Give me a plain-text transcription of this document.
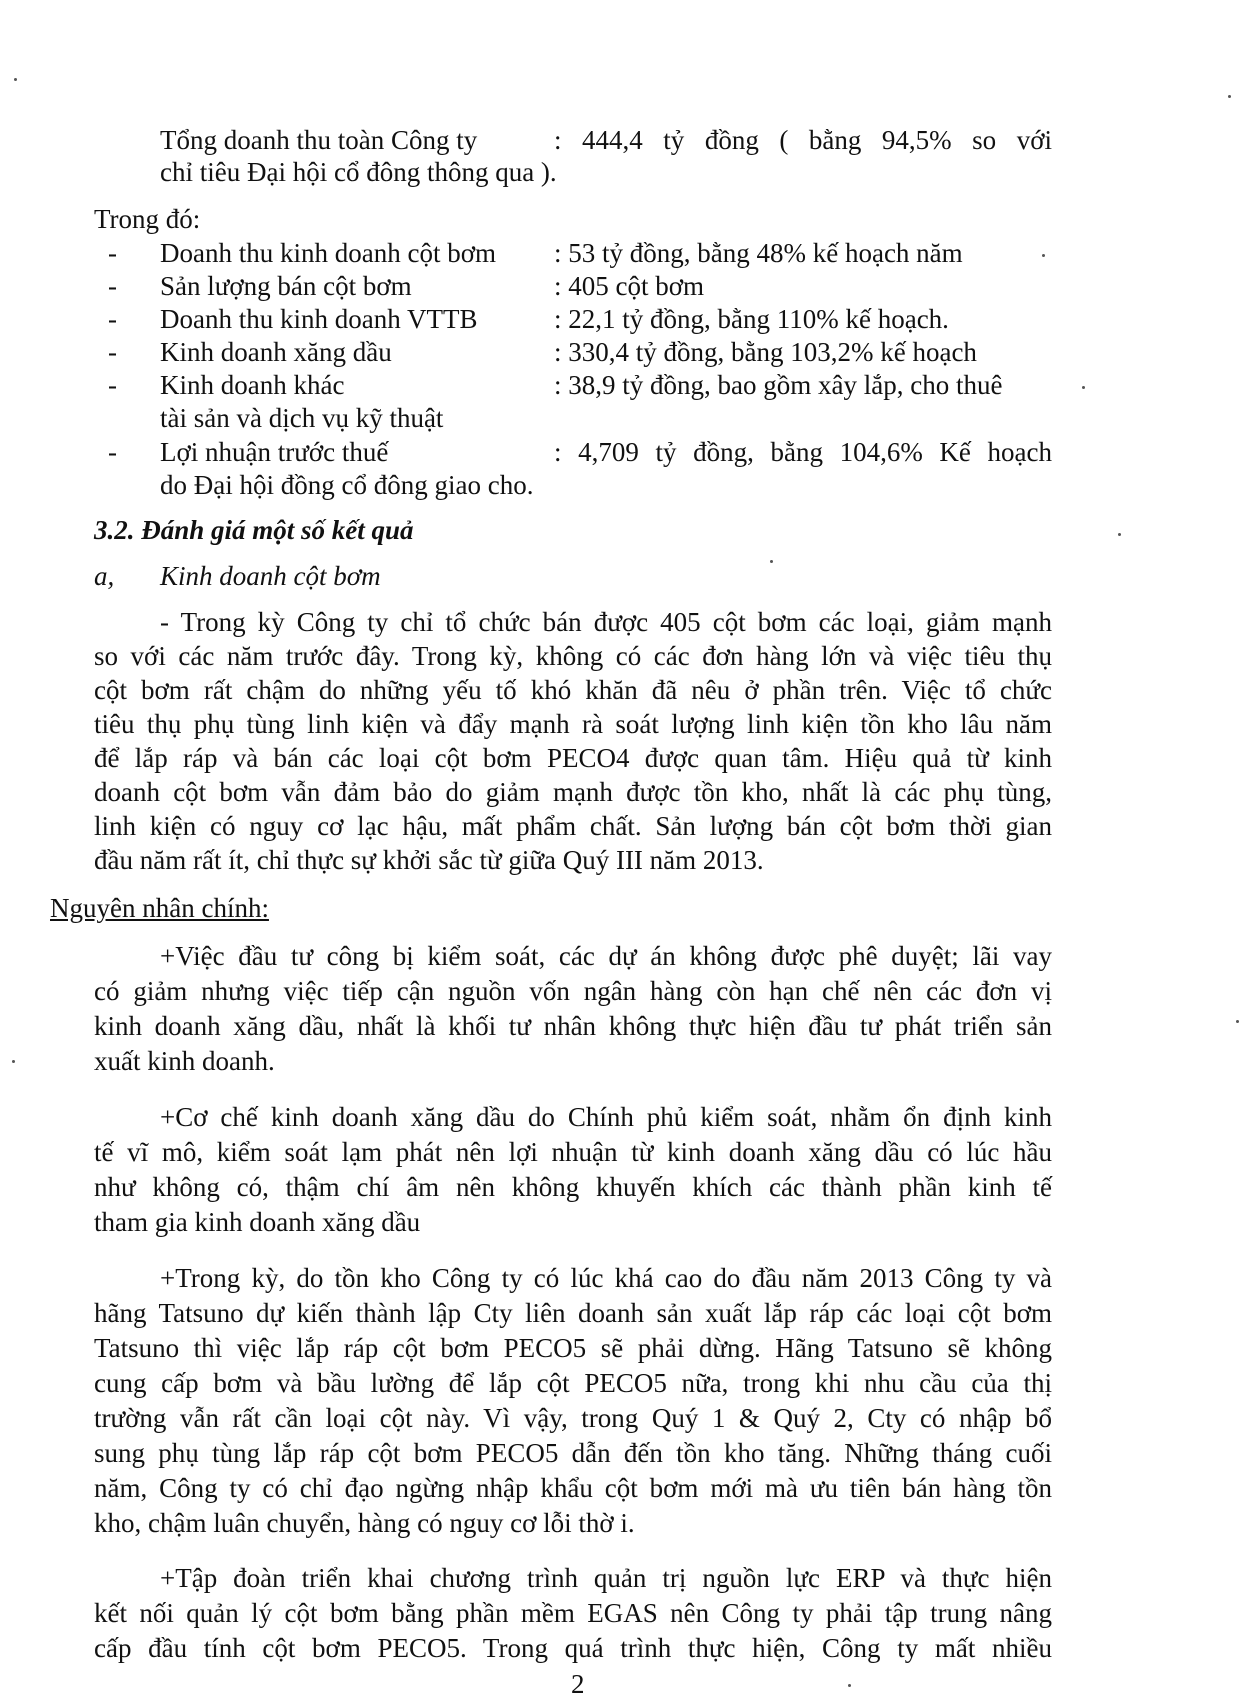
Tổng doanh thu toàn Công ty	: 444,4 tỷ đồng ( bằng 94,5% so với
chỉ tiêu Đại hội cổ đông thông qua ).
Trong đó:
- Doanh thu kinh doanh cột bơm : 53 tỷ đồng, bằng 48% kế hoạch năm
- Sản lượng bán cột bơm	: 405 cột bơm
- Doanh thu kinh doanh VTTB	: 22,1 tỷ đồng, bằng 110% kế hoạch.
- Kinh doanh xăng dầu	: 330,4 tỷ đồng, bằng 103,2% kế hoạch
- Kinh doanh khác	: 38,9 tỷ đồng, bao gồm xây lắp, cho thuê
tài sản và dịch vụ kỹ thuật
- Lợi nhuận trước thuế	: 4,709 tỷ đồng, bằng 104,6% Kế hoạch
do Đại hội đồng cổ đông giao cho.
3.2. Đánh giá một số kết quả
a, Kinh doanh cột bơm
- Trong kỳ Công ty chỉ tổ chức bán được 405 cột bơm các loại, giảm mạnh
so với các năm trước đây. Trong kỳ, không có các đơn hàng lớn và việc tiêu thụ
cột bơm rất chậm do những yếu tố khó khăn đã nêu ở phần trên. Việc tổ chức
tiêu thụ phụ tùng linh kiện và đẩy mạnh rà soát lượng linh kiện tồn kho lâu năm
để lắp ráp và bán các loại cột bơm PECO4 được quan tâm. Hiệu quả từ kinh
doanh cột bơm vẫn đảm bảo do giảm mạnh được tồn kho, nhất là các phụ tùng,
linh kiện có nguy cơ lạc hậu, mất phẩm chất. Sản lượng bán cột bơm thời gian
đầu năm rất ít, chỉ thực sự khởi sắc từ giữa Quý III năm 2013.
Nguyên nhân chính:
+Việc đầu tư công bị kiểm soát, các dự án không được phê duyệt; lãi vay
có giảm nhưng việc tiếp cận nguồn vốn ngân hàng còn hạn chế nên các đơn vị
kinh doanh xăng dầu, nhất là khối tư nhân không thực hiện đầu tư phát triển sản
xuất kinh doanh.
+Cơ chế kinh doanh xăng dầu do Chính phủ kiểm soát, nhằm ổn định kinh
tế vĩ mô, kiểm soát lạm phát nên lợi nhuận từ kinh doanh xăng dầu có lúc hầu
như không có, thậm chí âm nên không khuyến khích các thành phần kinh tế
tham gia kinh doanh xăng dầu
+Trong kỳ, do tồn kho Công ty có lúc khá cao do đầu năm 2013 Công ty và
hãng Tatsuno dự kiến thành lập Cty liên doanh sản xuất lắp ráp các loại cột bơm
Tatsuno thì việc lắp ráp cột bơm PECO5 sẽ phải dừng. Hãng Tatsuno sẽ không
cung cấp bơm và bầu lường để lắp cột PECO5 nữa, trong khi nhu cầu của thị
trường vẫn rất cần loại cột này. Vì vậy, trong Quý 1 & Quý 2, Cty có nhập bổ
sung phụ tùng lắp ráp cột bơm PECO5 dẫn đến tồn kho tăng. Những tháng cuối
năm, Công ty có chỉ đạo ngừng nhập khẩu cột bơm mới mà ưu tiên bán hàng tồn
kho, chậm luân chuyển, hàng có nguy cơ lỗi thờ i.
+Tập đoàn triển khai chương trình quản trị nguồn lực ERP và thực hiện
kết nối quản lý cột bơm bằng phần mềm EGAS nên Công ty phải tập trung nâng
cấp đầu tính cột bơm PECO5. Trong quá trình thực hiện, Công ty mất nhiều
2
